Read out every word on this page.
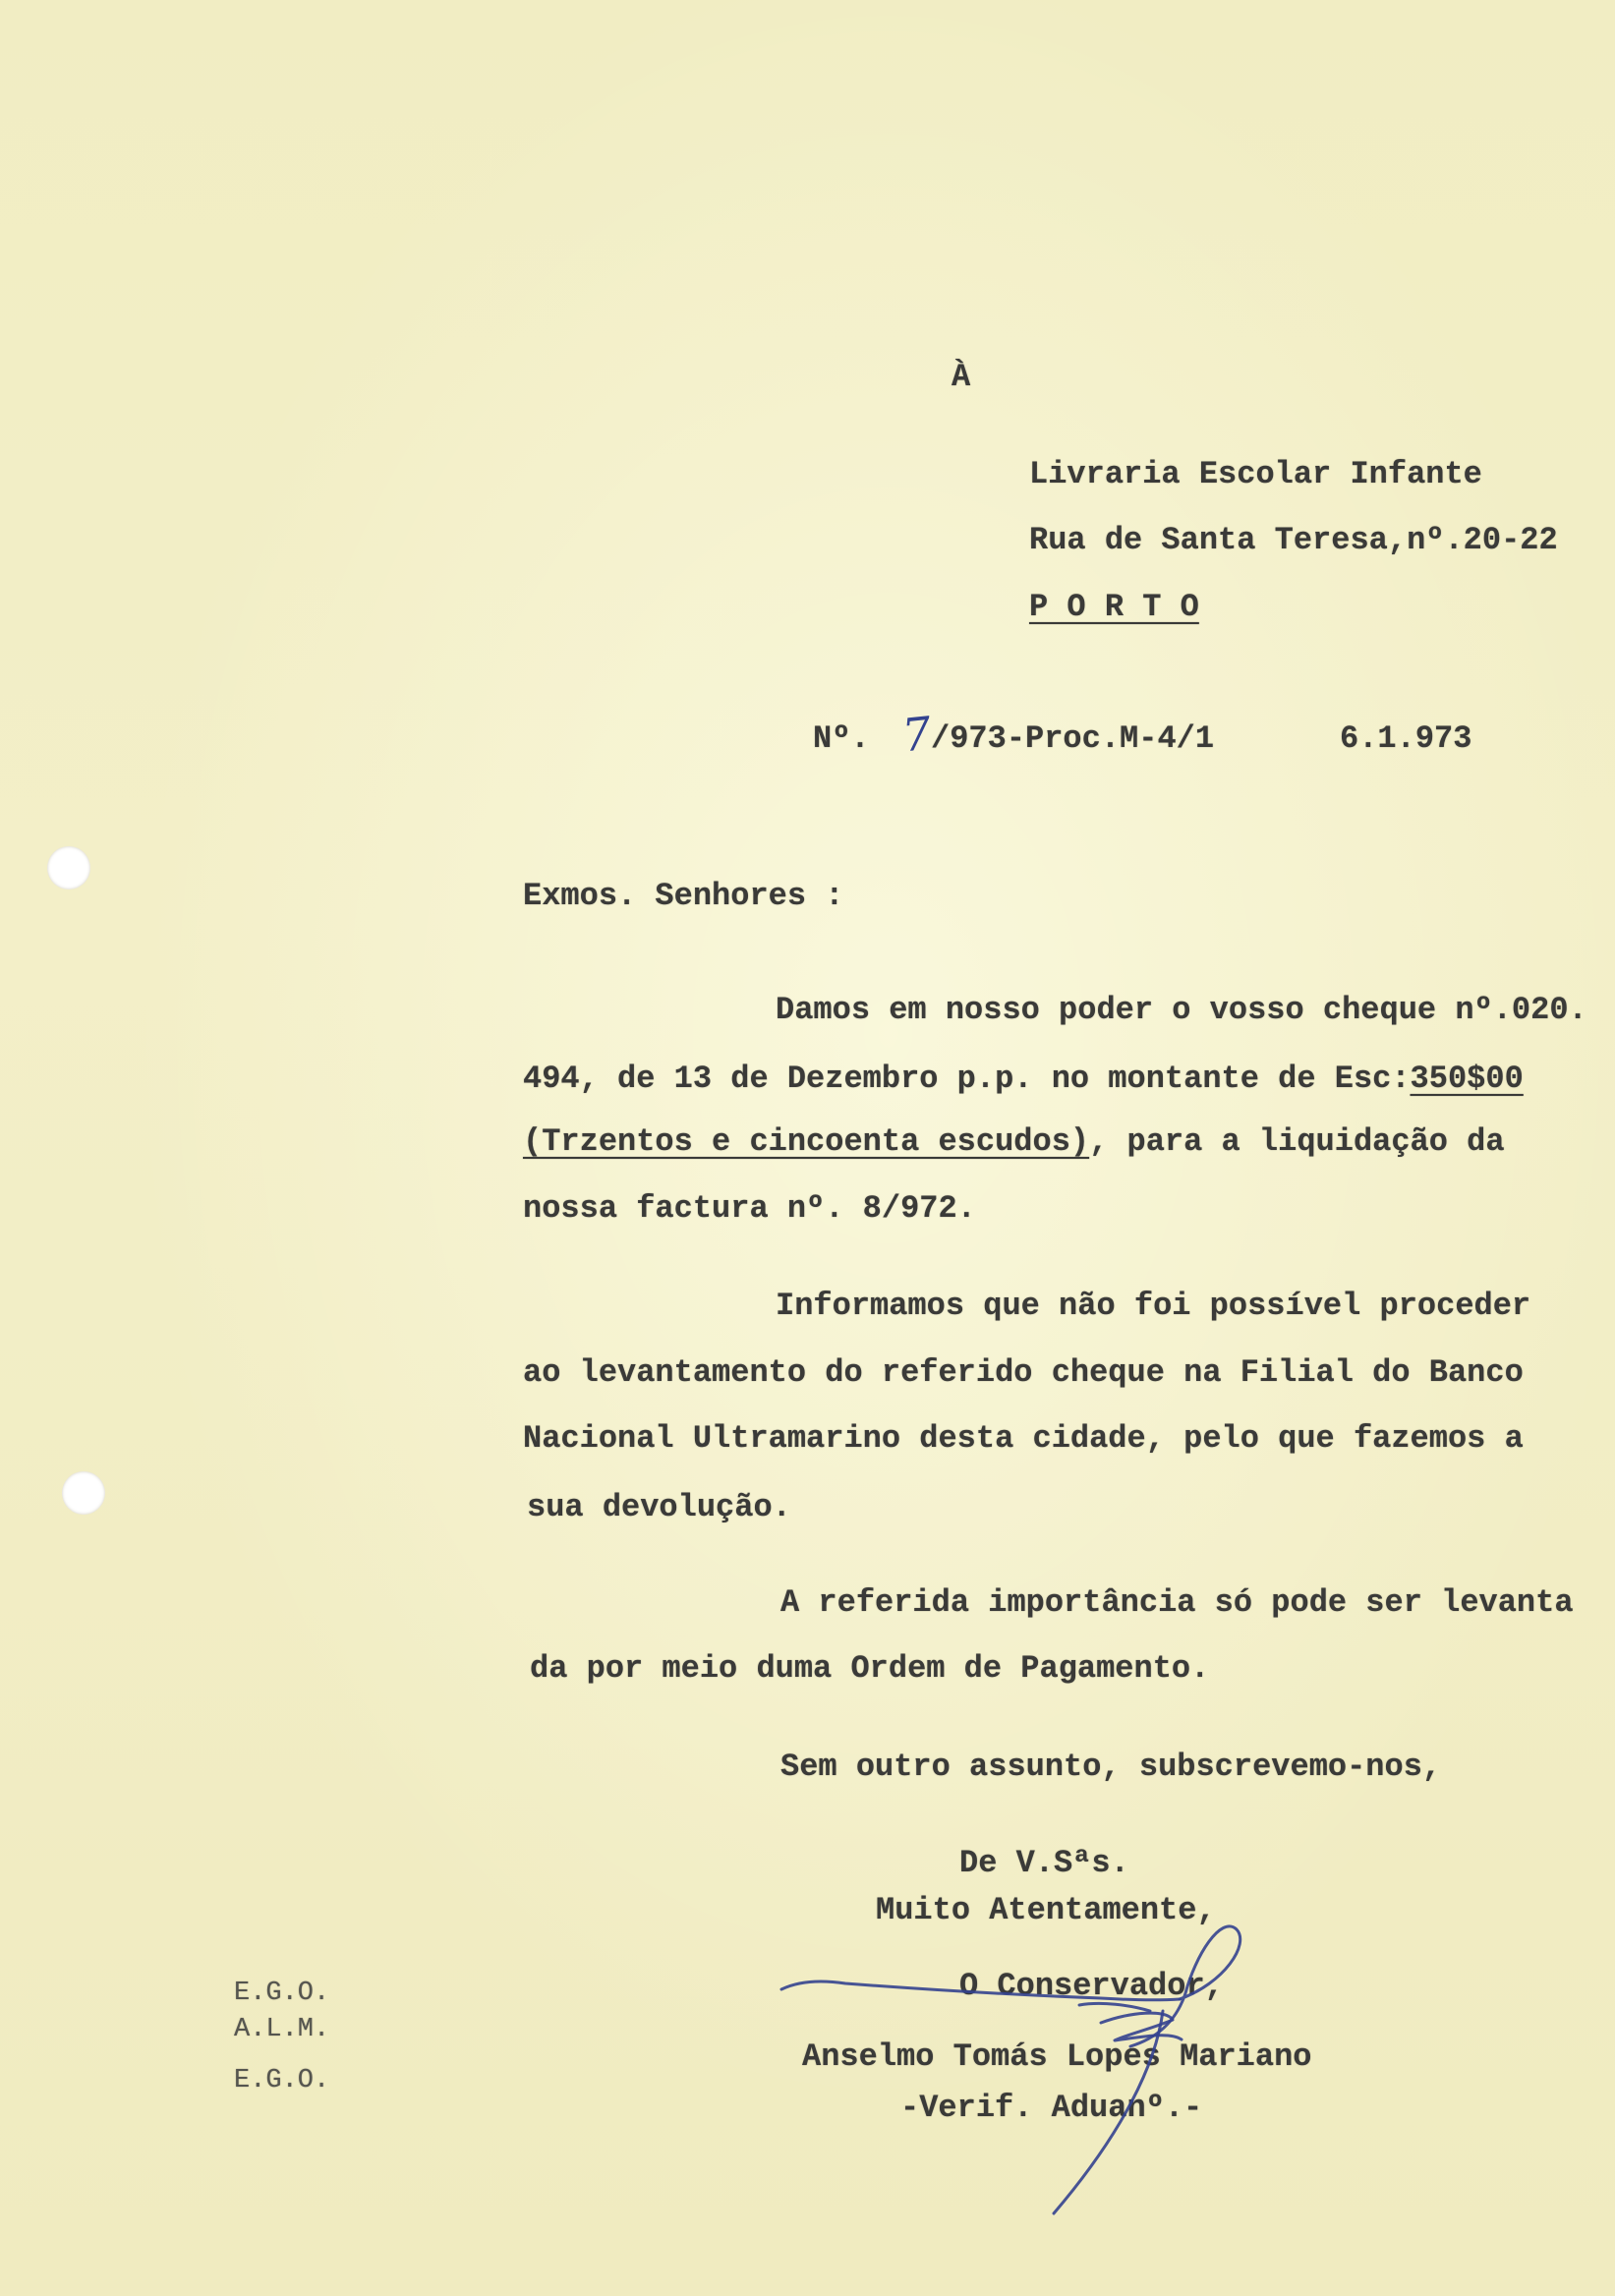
À

Livraria Escolar Infante

Rua de Santa Teresa,nº.20-22

P O R T O

Nº. 7

/973-Proc.M-4/1	6.1.973

Exmos. Senhores :

Damos em nosso poder o vosso cheque nº.020.

494, de 13 de Dezembro p.p. no montante de Esc:350$00

(Trzentos e cincoenta escudos), para a liquidação da

nossa factura nº. 8/972.

Informamos que não foi possível proceder

ao levantamento do referido cheque na Filial do Banco

Nacional Ultramarino desta cidade, pelo que fazemos a

sua devolução.

A referida importância só pode ser levanta

da por meio duma Ordem de Pagamento.

Sem outro assunto, subscrevemo-nos,

De V.Sªs.

Muito Atentamente,

O Conservador,

Anselmo Tomás Lopes Mariano

-Verif. Aduanº.-

E.G.O.

A.L.M.

E.G.O.
